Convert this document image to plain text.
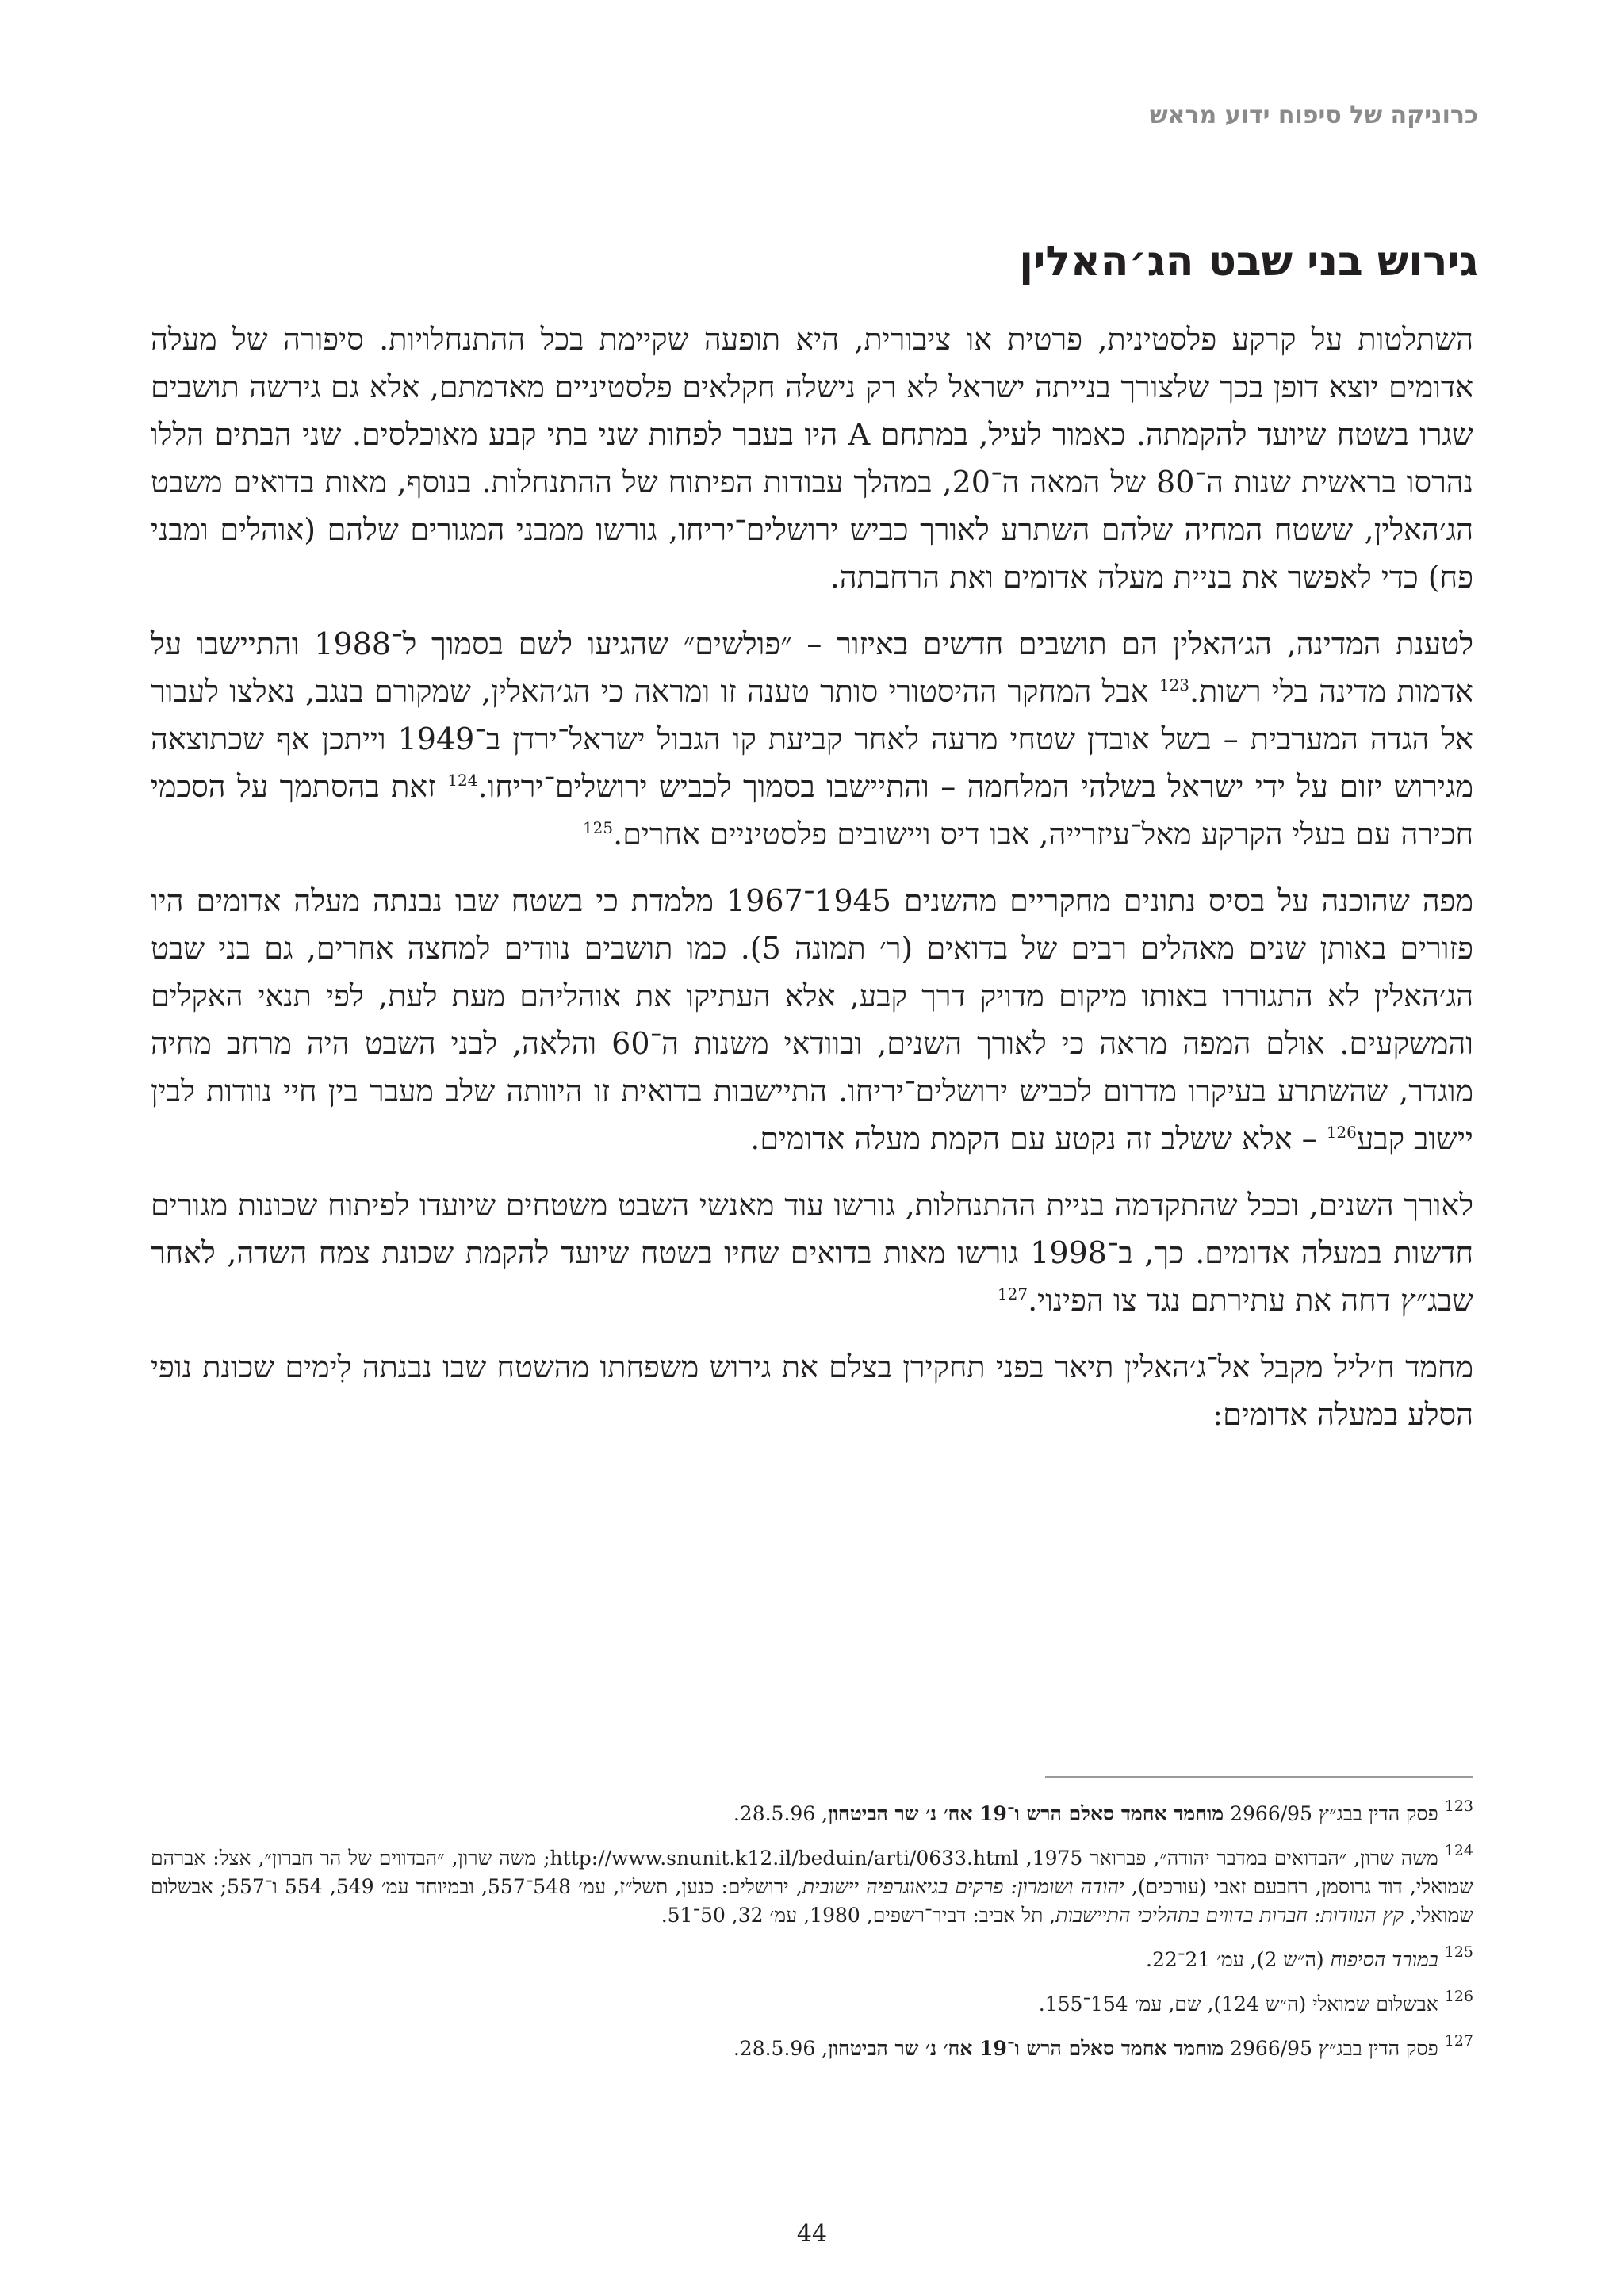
כרוניקה של סיפוח ידוע מראש
גירוש בני שבט הג׳האלין

השתלטות על קרקע פלסטינית, פרטית או ציבורית, היא תופעה שקיימת בכל ההתנחלויות. סיפורה של מעלה אדומים יוצא דופן בכך שלצורך בנייתה ישראל לא רק נישלה חקלאים פלסטיניים מאדמתם, אלא גם גירשה תושבים שגרו בשטח שיועד להקמתה. כאמור לעיל, במתחם A היו בעבר לפחות שני בתי קבע מאוכלסים. שני הבתים הללו נהרסו בראשית שנות ה־80 של המאה ה־20, במהלך עבודות הפיתוח של ההתנחלות. בנוסף, מאות בדואים משבט הג׳האלין, ששטח המחיה שלהם השתרע לאורך כביש ירושלים־יריחו, גורשו ממבני המגורים שלהם (אוהלים ומבני פח) כדי לאפשר את בניית מעלה אדומים ואת הרחבתה.

לטענת המדינה, הג׳האלין הם תושבים חדשים באיזור – ״פולשים״ שהגיעו לשם בסמוך ל־1988 והתיישבו על אדמות מדינה בלי רשות.$^{123}$ אבל המחקר ההיסטורי סותר טענה זו ומראה כי הג׳האלין, שמקורם בנגב, נאלצו לעבור אל הגדה המערבית – בשל אובדן שטחי מרעה לאחר קביעת קו הגבול ישראל־ירדן ב־1949 וייתכן אף שכתוצאה מגירוש יזום על ידי ישראל בשלהי המלחמה – והתיישבו בסמוך לכביש ירושלים־יריחו.$^{124}$ זאת בהסתמך על הסכמי חכירה עם בעלי הקרקע מאל־עיזרייה, אבו דיס ויישובים פלסטיניים אחרים.$^{125}$

מפה שהוכנה על בסיס נתונים מחקריים מהשנים 1945־1967 מלמדת כי בשטח שבו נבנתה מעלה אדומים היו פזורים באותן שנים מאהלים רבים של בדואים (ר׳ תמונה 5). כמו תושבים נוודים למחצה אחרים, גם בני שבט הג׳האלין לא התגוררו באותו מיקום מדויק דרך קבע, אלא העתיקו את אוהליהם מעת לעת, לפי תנאי האקלים והמשקעים. אולם המפה מראה כי לאורך השנים, ובוודאי משנות ה־60 והלאה, לבני השבט היה מרחב מחיה מוגדר, שהשתרע בעיקרו מדרום לכביש ירושלים־יריחו. התיישבות בדואית זו היוותה שלב מעבר בין חיי נוודות לבין יישוב קבע$^{126}$ – אלא ששלב זה נקטע עם הקמת מעלה אדומים.

לאורך השנים, וככל שהתקדמה בניית ההתנחלות, גורשו עוד מאנשי השבט משטחים שיועדו לפיתוח שכונות מגורים חדשות במעלה אדומים. כך, ב־1998 גורשו מאות בדואים שחיו בשטח שיועד להקמת שכונת צמח השדה, לאחר שבג״ץ דחה את עתירתם נגד צו הפינוי.$^{127}$

מחמד ח׳ליל מקבל אל־ג׳האלין תיאר בפני תחקירן בצלם את גירוש משפחתו מהשטח שבו נבנתה לִימים שכונת נופי הסלע במעלה אדומים:

$^{123}$פסק הדין בבג״ץ 2966/95 מוחמד אחמד סאלם הרש ו־19 אח׳ נ׳ שר הביטחון, 28.5.96.

$^{124}$משה שרון, ״הבדואים במדבר יהודה״, פברואר 1975, http://www.snunit.k12.il/beduin/arti/0633.html; משה שרון, ״הבדווים של הר חברון״, אצל: אברהם שמואלי, דוד גרוסמן, רחבעם זאבי (עורכים), יהודה ושומרון: פרקים בגיאוגרפיה יישובית, ירושלים: כנען, תשל״ז, עמ׳ 548־557, ובמיוחד עמ׳ 549, 554 ו־557; אבשלום שמואלי, קץ הנוודות: חברות בדווים בתהליכי התיישבות, תל אביב: דביר־רשפים, 1980, עמ׳ 32, 50־51.

$^{125}$במורד הסיפוח (ה״ש 2), עמ׳ 21־22.

$^{126}$אבשלום שמואלי (ה״ש 124), שם, עמ׳ 154־155.

$^{127}$פסק הדין בבג״ץ 2966/95 מוחמד אחמד סאלם הרש ו־19 אח׳ נ׳ שר הביטחון, 28.5.96.

44
